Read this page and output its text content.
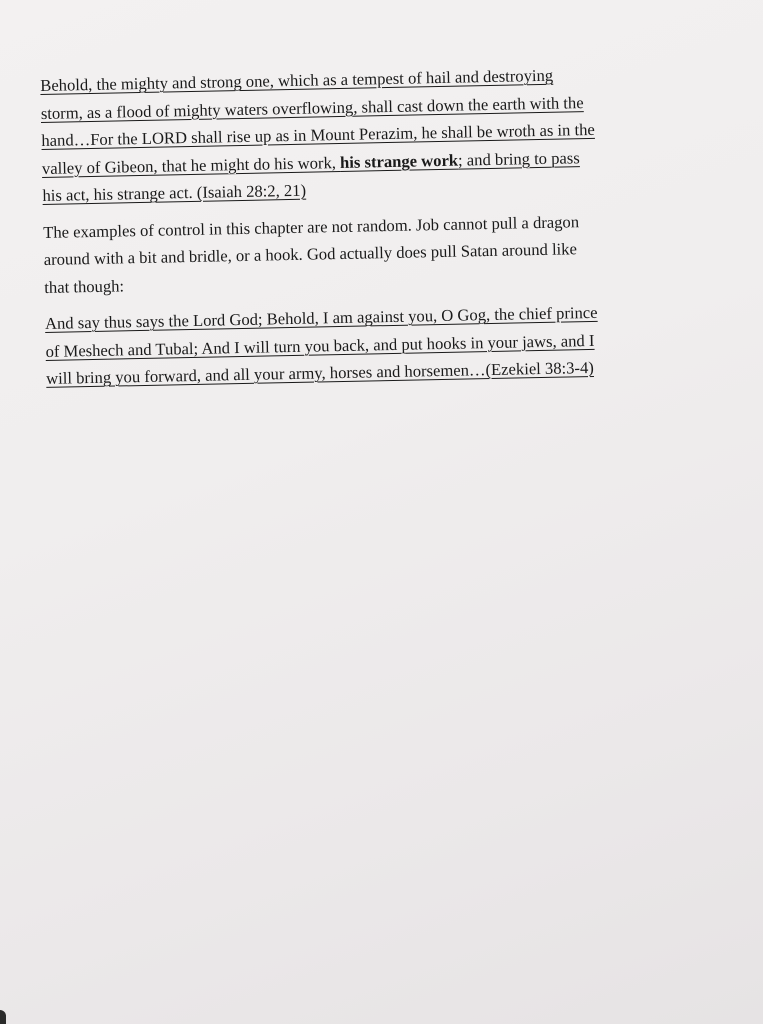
Behold, the mighty and strong one, which as a tempest of hail and destroying
storm, as a flood of mighty waters overflowing, shall cast down the earth with the
hand…For the LORD shall rise up as in Mount Perazim, he shall be wroth as in the
valley of Gibeon, that he might do his work, his strange work; and bring to pass
his act, his strange act. (Isaiah 28:2, 21)

The examples of control in this chapter are not random. Job cannot pull a dragon
around with a bit and bridle, or a hook. God actually does pull Satan around like
that though:

And say thus says the Lord God; Behold, I am against you, O Gog, the chief prince
of Meshech and Tubal; And I will turn you back, and put hooks in your jaws, and I
will bring you forward, and all your army, horses and horsemen…(Ezekiel 38:3-4)
